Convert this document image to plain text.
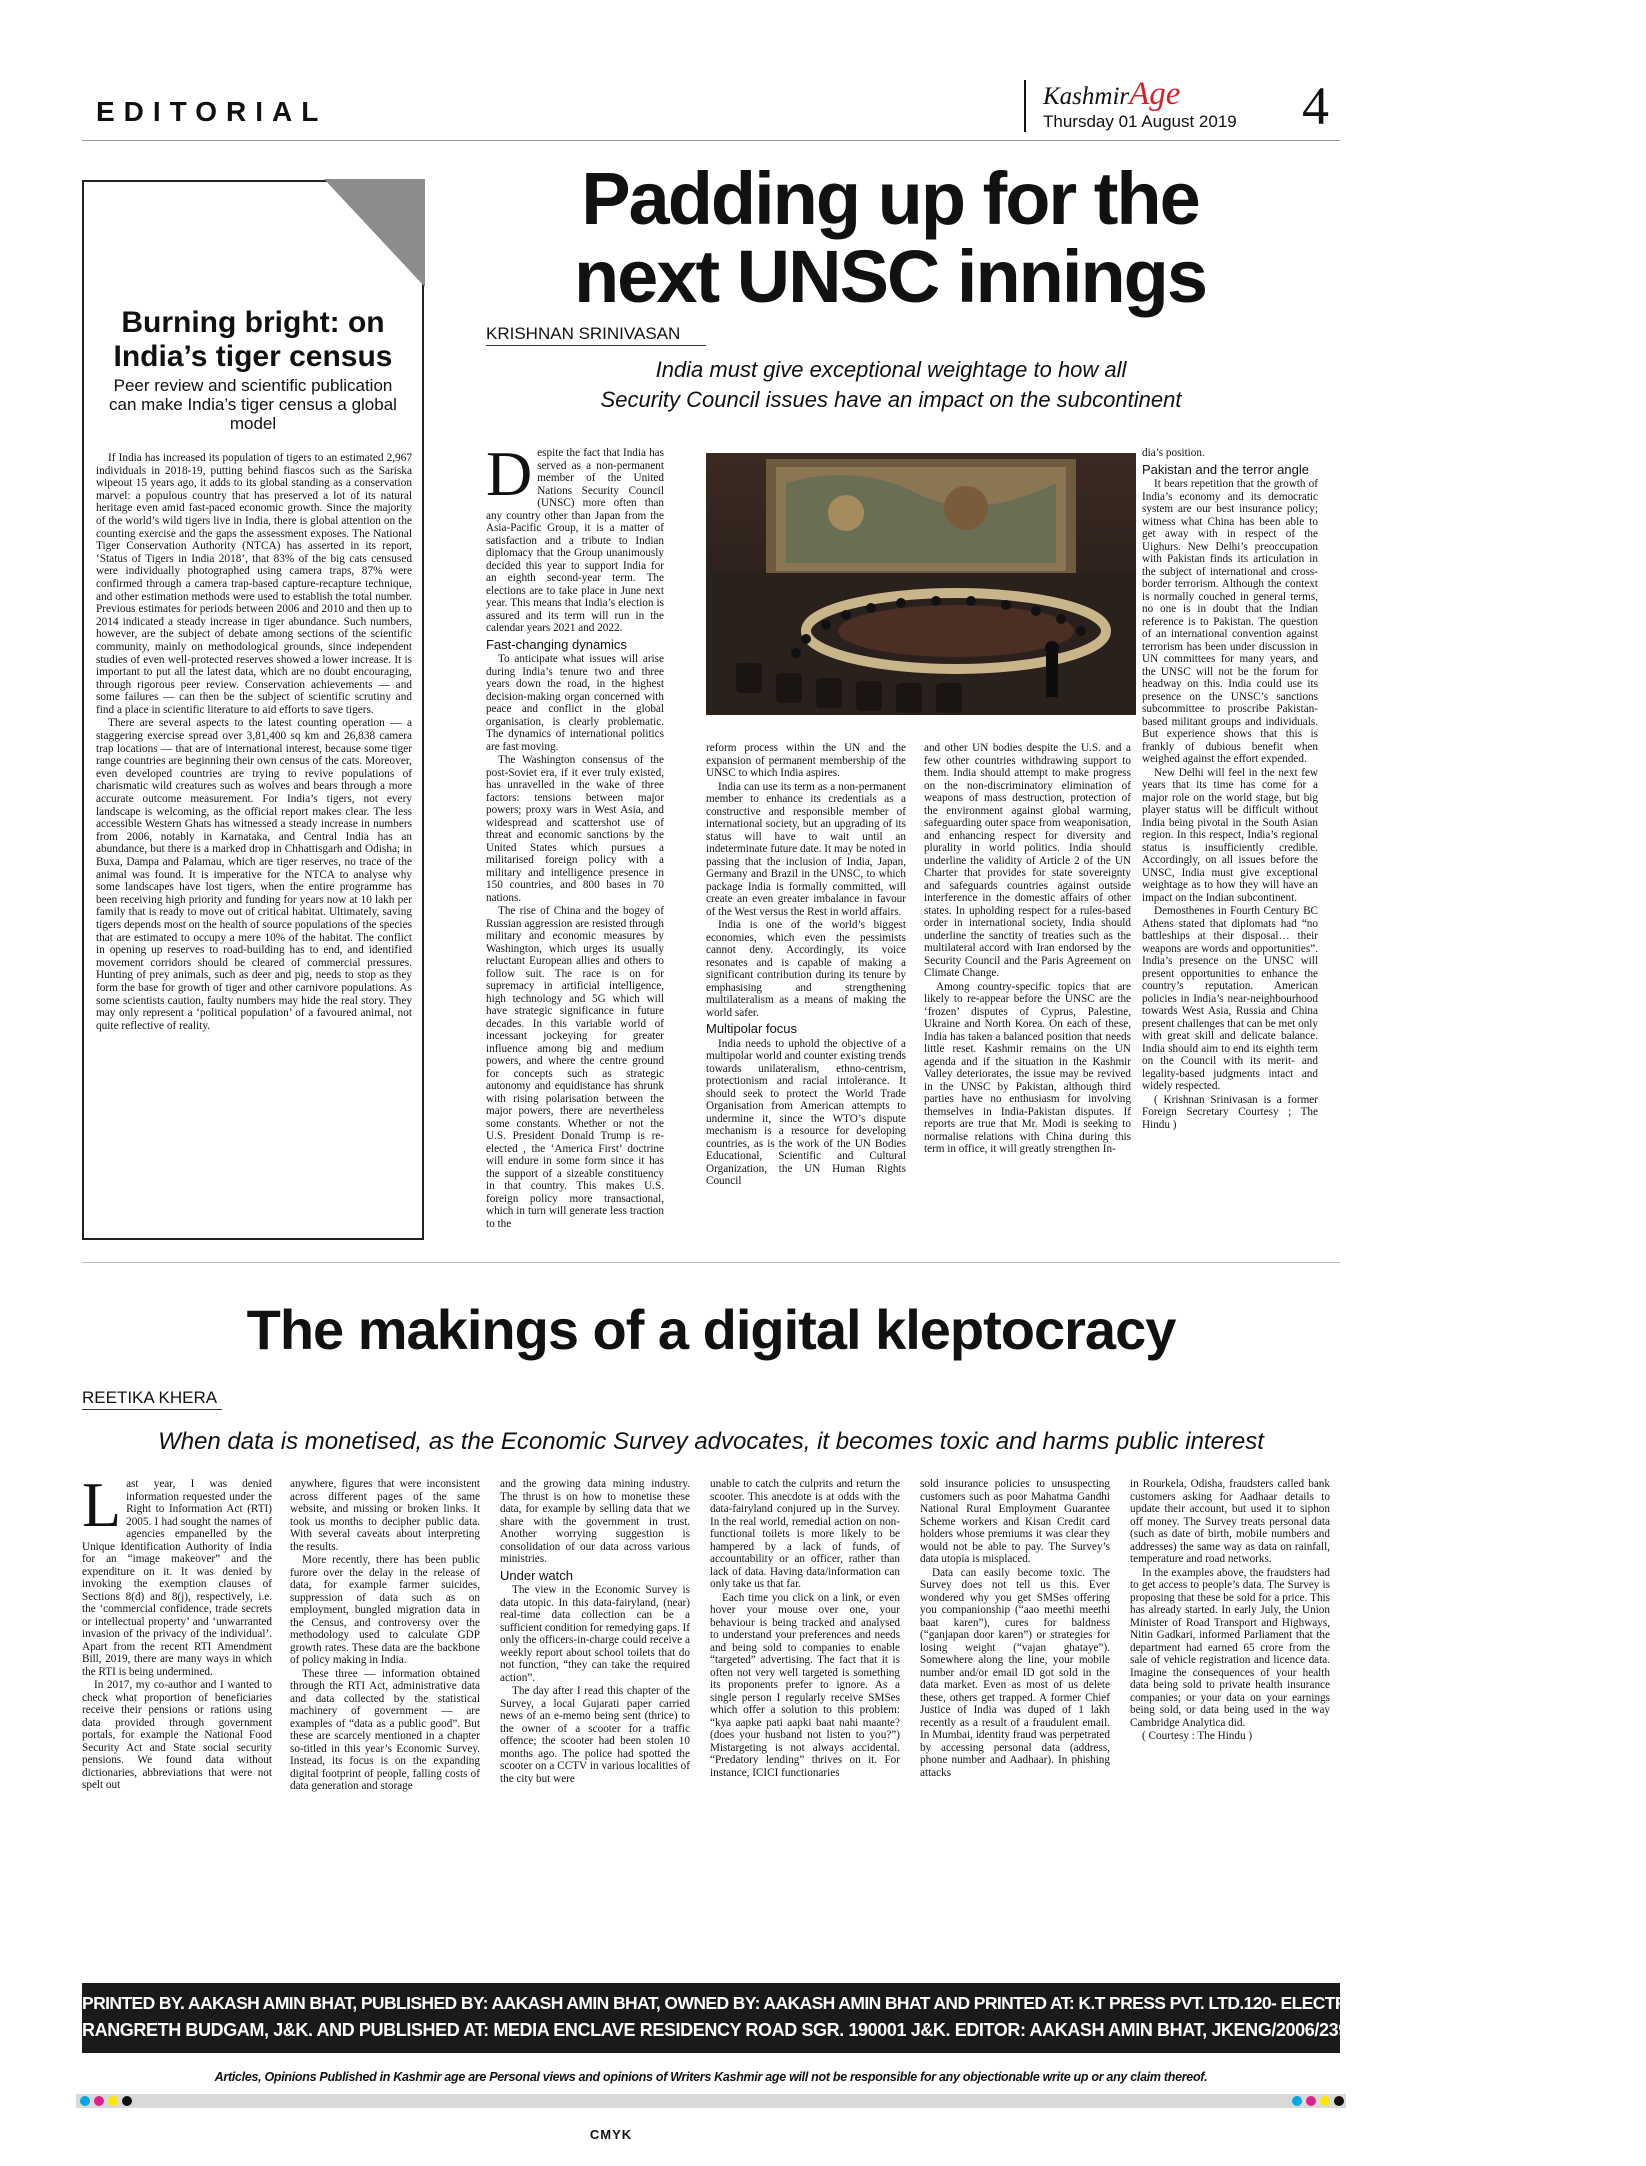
EDITORIAL	KashmirAge
Thursday 01 August 2019 4
Burning bright: on India’s tiger census
Peer review and scientific publication can make India’s tiger census a global model

If India has increased its population of tigers to an estimated 2,967 individuals in 2018-19, putting behind fiascos such as the Sariska wipeout 15 years ago, it adds to its global standing as a conservation marvel: a populous country that has preserved a lot of its natural heritage even amid fast-paced economic growth. Since the majority of the world’s wild tigers live in India, there is global attention on the counting exercise and the gaps the assessment exposes. The National Tiger Conservation Authority (NTCA) has asserted in its report, ‘Status of Tigers in India 2018’, that 83% of the big cats censused were individually photographed using camera traps, 87% were confirmed through a camera trap-based capture-recapture technique, and other estimation methods were used to establish the total number. Previous estimates for periods between 2006 and 2010 and then up to 2014 indicated a steady increase in tiger abundance. Such numbers, however, are the subject of debate among sections of the scientific community, mainly on methodological grounds, since independent studies of even well-protected reserves showed a lower increase. It is important to put all the latest data, which are no doubt encouraging, through rigorous peer review. Conservation achievements — and some failures — can then be the subject of scientific scrutiny and find a place in scientific literature to aid efforts to save tigers.

There are several aspects to the latest counting operation — a staggering exercise spread over 3,81,400 sq km and 26,838 camera trap locations — that are of international interest, because some tiger range countries are beginning their own census of the cats. Moreover, even developed countries are trying to revive populations of charismatic wild creatures such as wolves and bears through a more accurate outcome measurement. For India’s tigers, not every landscape is welcoming, as the official report makes clear. The less accessible Western Ghats has witnessed a steady increase in numbers from 2006, notably in Karnataka, and Central India has an abundance, but there is a marked drop in Chhattisgarh and Odisha; in Buxa, Dampa and Palamau, which are tiger reserves, no trace of the animal was found. It is imperative for the NTCA to analyse why some landscapes have lost tigers, when the entire programme has been receiving high priority and funding for years now at 10 lakh per family that is ready to move out of critical habitat. Ultimately, saving tigers depends most on the health of source populations of the species that are estimated to occupy a mere 10% of the habitat. The conflict in opening up reserves to road-building has to end, and identified movement corridors should be cleared of commercial pressures. Hunting of prey animals, such as deer and pig, needs to stop as they form the base for growth of tiger and other carnivore populations. As some scientists caution, faulty numbers may hide the real story. They may only represent a ‘political population’ of a favoured animal, not quite reflective of reality.

Padding up for the
next UNSC innings
KRISHNAN SRINIVASAN
India must give exceptional weightage to how all
Security Council issues have an impact on the subcontinent

Despite the fact that India has served as a non-permanent member of the United Nations Security Council (UNSC) more often than any country other than Japan from the Asia-Pacific Group, it is a matter of satisfaction and a tribute to Indian diplomacy that the Group unanimously decided this year to support India for an eighth second-year term. The elections are to take place in June next year. This means that India’s election is assured and its term will run in the calendar years 2021 and 2022.

Fast-changing dynamics

To anticipate what issues will arise during India’s tenure two and three years down the road, in the highest decision-making organ concerned with peace and conflict in the global organisation, is clearly problematic. The dynamics of international politics are fast moving.

The Washington consensus of the post-Soviet era, if it ever truly existed, has unravelled in the wake of three factors: tensions between major powers; proxy wars in West Asia, and widespread and scattershot use of threat and economic sanctions by the United States which pursues a militarised foreign policy with a military and intelligence presence in 150 countries, and 800 bases in 70 nations.

The rise of China and the bogey of Russian aggression are resisted through military and economic measures by Washington, which urges its usually reluctant European allies and others to follow suit. The race is on for supremacy in artificial intelligence, high technology and 5G which will have strategic significance in future decades. In this variable world of incessant jockeying for greater influence among big and medium powers, and where the centre ground for concepts such as strategic autonomy and equidistance has shrunk with rising polarisation between the major powers, there are nevertheless some constants. Whether or not the U.S. President Donald Trump is re-elected , the ‘America First’ doctrine will endure in some form since it has the support of a sizeable constituency in that country. This makes U.S. foreign policy more transactional, which in turn will generate less traction to the

reform process within the UN and the expansion of permanent membership of the UNSC to which India aspires.

India can use its term as a non-permanent member to enhance its credentials as a constructive and responsible member of international society, but an upgrading of its status will have to wait until an indeterminate future date. It may be noted in passing that the inclusion of India, Japan, Germany and Brazil in the UNSC, to which package India is formally committed, will create an even greater imbalance in favour of the West versus the Rest in world affairs.

India is one of the world’s biggest economies, which even the pessimists cannot deny. Accordingly, its voice resonates and is capable of making a significant contribution during its tenure by emphasising and strengthening multilateralism as a means of making the world safer.

Multipolar focus

India needs to uphold the objective of a multipolar world and counter existing trends towards unilateralism, ethno-centrism, protectionism and racial intolerance. It should seek to protect the World Trade Organisation from American attempts to undermine it, since the WTO’s dispute mechanism is a resource for developing countries, as is the work of the UN Bodies Educational, Scientific and Cultural Organization, the UN Human Rights Council

and other UN bodies despite the U.S. and a few other countries withdrawing support to them. India should attempt to make progress on the non-discriminatory elimination of weapons of mass destruction, protection of the environment against global warming, safeguarding outer space from weaponisation, and enhancing respect for diversity and plurality in world politics. India should underline the validity of Article 2 of the UN Charter that provides for state sovereignty and safeguards countries against outside interference in the domestic affairs of other states. In upholding respect for a rules-based order in international society, India should underline the sanctity of treaties such as the multilateral accord with Iran endorsed by the Security Council and the Paris Agreement on Climate Change.

Among country-specific topics that are likely to re-appear before the UNSC are the ‘frozen’ disputes of Cyprus, Palestine, Ukraine and North Korea. On each of these, India has taken a balanced position that needs little reset. Kashmir remains on the UN agenda and if the situation in the Kashmir Valley deteriorates, the issue may be revived in the UNSC by Pakistan, although third parties have no enthusiasm for involving themselves in India-Pakistan disputes. If reports are true that Mr. Modi is seeking to normalise relations with China during this term in office, it will greatly strengthen In-

dia’s position.

Pakistan and the terror angle

It bears repetition that the growth of India’s economy and its democratic system are our best insurance policy; witness what China has been able to get away with in respect of the Uighurs. New Delhi’s preoccupation with Pakistan finds its articulation in the subject of international and cross-border terrorism. Although the context is normally couched in general terms, no one is in doubt that the Indian reference is to Pakistan. The question of an international convention against terrorism has been under discussion in UN committees for many years, and the UNSC will not be the forum for headway on this. India could use its presence on the UNSC’s sanctions subcommittee to proscribe Pakistan-based militant groups and individuals. But experience shows that this is frankly of dubious benefit when weighed against the effort expended.

New Delhi will feel in the next few years that its time has come for a major role on the world stage, but big player status will be difficult without India being pivotal in the South Asian region. In this respect, India’s regional status is insufficiently credible. Accordingly, on all issues before the UNSC, India must give exceptional weightage as to how they will have an impact on the Indian subcontinent.

Demosthenes in Fourth Century BC Athens stated that diplomats had “no battleships at their disposal… their weapons are words and opportunities”. India’s presence on the UNSC will present opportunities to enhance the country’s reputation. American policies in India’s near-neighbourhood towards West Asia, Russia and China present challenges that can be met only with great skill and delicate balance. India should aim to end its eighth term on the Council with its merit- and legality-based judgments intact and widely respected.

( Krishnan Srinivasan is a former Foreign Secretary Courtesy ; The Hindu )

The makings of a digital kleptocracy
REETIKA KHERA
When data is monetised, as the Economic Survey advocates, it becomes toxic and harms public interest

Last year, I was denied information requested under the Right to Information Act (RTI) 2005. I had sought the names of agencies empanelled by the Unique Identification Authority of India for an “image makeover” and the expenditure on it. It was denied by invoking the exemption clauses of Sections 8(d) and 8(j), respectively, i.e. the ‘commercial confidence, trade secrets or intellectual property’ and ‘unwarranted invasion of the privacy of the individual’. Apart from the recent RTI Amendment Bill, 2019, there are many ways in which the RTI is being undermined.

In 2017, my co-author and I wanted to check what proportion of beneficiaries receive their pensions or rations using data provided through government portals, for example the National Food Security Act and State social security pensions. We found data without dictionaries, abbreviations that were not spelt out

anywhere, figures that were inconsistent across different pages of the same website, and missing or broken links. It took us months to decipher public data. With several caveats about interpreting the results.

More recently, there has been public furore over the delay in the release of data, for example farmer suicides, suppression of data such as on employment, bungled migration data in the Census, and controversy over the methodology used to calculate GDP growth rates. These data are the backbone of policy making in India.

These three — information obtained through the RTI Act, administrative data and data collected by the statistical machinery of government — are examples of “data as a public good”. But these are scarcely mentioned in a chapter so-titled in this year’s Economic Survey. Instead, its focus is on the expanding digital footprint of people, falling costs of data generation and storage

and the growing data mining industry. The thrust is on how to monetise these data, for example by selling data that we share with the government in trust. Another worrying suggestion is consolidation of our data across various ministries.

Under watch

The view in the Economic Survey is data utopic. In this data-fairyland, (near) real-time data collection can be a sufficient condition for remedying gaps. If only the officers-in-charge could receive a weekly report about school toilets that do not function, “they can take the required action”.

The day after I read this chapter of the Survey, a local Gujarati paper carried news of an e-memo being sent (thrice) to the owner of a scooter for a traffic offence; the scooter had been stolen 10 months ago. The police had spotted the scooter on a CCTV in various localities of the city but were

unable to catch the culprits and return the scooter. This anecdote is at odds with the data-fairyland conjured up in the Survey. In the real world, remedial action on non-functional toilets is more likely to be hampered by a lack of funds, of accountability or an officer, rather than lack of data. Having data/information can only take us that far.

Each time you click on a link, or even hover your mouse over one, your behaviour is being tracked and analysed to understand your preferences and needs and being sold to companies to enable “targeted” advertising. The fact that it is often not very well targeted is something its proponents prefer to ignore. As a single person I regularly receive SMSes which offer a solution to this problem: “kya aapke pati aapki baat nahi maante? (does your husband not listen to you?”) Mistargeting is not always accidental. “Predatory lending” thrives on it. For instance, ICICI functionaries

sold insurance policies to unsuspecting customers such as poor Mahatma Gandhi National Rural Employment Guarantee Scheme workers and Kisan Credit card holders whose premiums it was clear they would not be able to pay. The Survey’s data utopia is misplaced.

Data can easily become toxic. The Survey does not tell us this. Ever wondered why you get SMSes offering you companionship (“aao meethi meethi baat karen”), cures for baldness (“ganjapan door karen”) or strategies for losing weight (“vajan ghataye”). Somewhere along the line, your mobile number and/or email ID got sold in the data market. Even as most of us delete these, others get trapped. A former Chief Justice of India was duped of 1 lakh recently as a result of a fraudulent email. In Mumbai, identity fraud was perpetrated by accessing personal data (address, phone number and Aadhaar). In phishing attacks

in Rourkela, Odisha, fraudsters called bank customers asking for Aadhaar details to update their account, but used it to siphon off money. The Survey treats personal data (such as date of birth, mobile numbers and addresses) the same way as data on rainfall, temperature and road networks.

In the examples above, the fraudsters had to get access to people’s data. The Survey is proposing that these be sold for a price. This has already started. In early July, the Union Minister of Road Transport and Highways, Nitin Gadkari, informed Parliament that the department had earned 65 crore from the sale of vehicle registration and licence data. Imagine the consequences of your health data being sold to private health insurance companies; or your data on your earnings being sold, or data being used in the way Cambridge Analytica did.

( Courtesy : The Hindu )

PRINTED BY. AAKASH AMIN BHAT, PUBLISHED BY: AAKASH AMIN BHAT, OWNED BY: AAKASH AMIN BHAT AND PRINTED AT: K.T PRESS PVT. LTD.120- ELECTRONIC COMPLEX INDUSTRIAL ESTATE
RANGRETH BUDGAM, J&K. AND PUBLISHED AT: MEDIA ENCLAVE RESIDENCY ROAD SGR. 190001 J&K. EDITOR: AAKASH AMIN BHAT, JKENG/2006/23952
Articles, Opinions Published in Kashmir age are Personal views and opinions of Writers Kashmir age will not be responsible for any objectionable write up or any claim thereof.
CMYK
